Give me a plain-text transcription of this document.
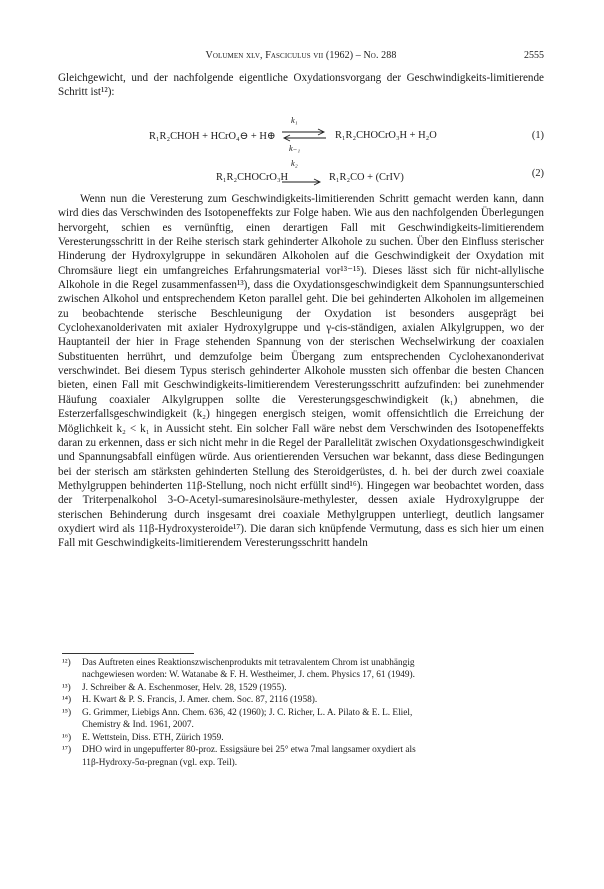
Volumen xlv, Fasciculus vii (1962) – No. 288	2555
Gleichgewicht, und der nachfolgende eigentliche Oxydationsvorgang der Geschwindigkeits-limitierende Schritt ist¹²):
R₁R₂CHOH + HCrO₄⊖ + H⊕
k₁
k₋₁
R₁R₂CHOCrO₃H + H₂O	(1)
R₁R₂CHOCrO₃H
k₂
→ R₁R₂CO + (CrIV)	(2)
Wenn nun die Veresterung zum Geschwindigkeits-limitierenden Schritt gemacht werden kann, dann wird dies das Verschwinden des Isotopeneffekts zur Folge haben. Wie aus den nachfolgenden Überlegungen hervorgeht, schien es vernünftig, einen derartigen Fall mit Geschwindigkeits-limitierendem Veresterungsschritt in der Reihe sterisch stark gehinderter Alkohole zu suchen. Über den Einfluss sterischer Hinderung der Hydroxylgruppe in sekundären Alkoholen auf die Geschwindigkeit der Oxydation mit Chromsäure liegt ein umfangreiches Erfahrungsmaterial vor¹³⁻¹⁵). Dieses lässt sich für nicht-allylische Alkohole in die Regel zusammenfassen¹³), dass die Oxydationsgeschwindigkeit dem Spannungsunterschied zwischen Alkohol und entsprechendem Keton parallel geht. Die bei gehinderten Alkoholen im allgemeinen zu beobachtende sterische Beschleunigung der Oxydation ist besonders ausgeprägt bei Cyclohexanolderivaten mit axialer Hydroxylgruppe und γ-cis-ständigen, axialen Alkylgruppen, wo der Hauptanteil der hier in Frage stehenden Spannung von der sterischen Wechselwirkung der coaxialen Substituenten herrührt, und demzufolge beim Übergang zum entsprechenden Cyclohexanonderivat verschwindet. Bei diesem Typus sterisch gehinderter Alkohole mussten sich offenbar die besten Chancen bieten, einen Fall mit Geschwindigkeits-limitierendem Veresterungsschritt aufzufinden: bei zunehmender Häufung coaxialer Alkylgruppen sollte die Veresterungsgeschwindigkeit (k₁) abnehmen, die Esterzerfallsgeschwindigkeit (k₂) hingegen energisch steigen, womit offensichtlich die Erreichung der Möglichkeit k₂ < k₁ in Aussicht steht. Ein solcher Fall wäre nebst dem Verschwinden des Isotopeneffekts daran zu erkennen, dass er sich nicht mehr in die Regel der Parallelität zwischen Oxydationsgeschwindigkeit und Spannungsabfall einfügen würde. Aus orientierenden Versuchen war bekannt, dass diese Bedingungen bei der sterisch am stärksten gehinderten Stellung des Steroidgerüstes, d. h. bei der durch zwei coaxiale Methylgruppen behinderten 11β-Stellung, noch nicht erfüllt sind¹⁶). Hingegen war beobachtet worden, dass der Triterpenalkohol 3-O-Acetyl-sumaresinolsäure-methylester, dessen axiale Hydroxylgruppe der sterischen Behinderung durch insgesamt drei coaxiale Methylgruppen unterliegt, deutlich langsamer oxydiert wird als 11β-Hydroxysteroide¹⁷). Die daran sich knüpfende Vermutung, dass es sich hier um einen Fall mit Geschwindigkeits-limitierendem Veresterungsschritt handeln
¹²) Das Auftreten eines Reaktionszwischenprodukts mit tetravalentem Chrom ist unabhängig
nachgewiesen worden: W. Watanabe & F. H. Westheimer, J. chem. Physics 17, 61 (1949).
¹³) J. Schreiber & A. Eschenmoser, Helv. 28, 1529 (1955).
¹⁴) H. Kwart & P. S. Francis, J. Amer. chem. Soc. 87, 2116 (1958).
¹⁵) G. Grimmer, Liebigs Ann. Chem. 636, 42 (1960); J. C. Richer, L. A. Pilato & E. L. Eliel,
Chemistry & Ind. 1961, 2007.
¹⁶) E. Wettstein, Diss. ETH, Zürich 1959.
¹⁷) DHO wird in ungepufferter 80-proz. Essigsäure bei 25° etwa 7mal langsamer oxydiert als
11β-Hydroxy-5α-pregnan (vgl. exp. Teil).
